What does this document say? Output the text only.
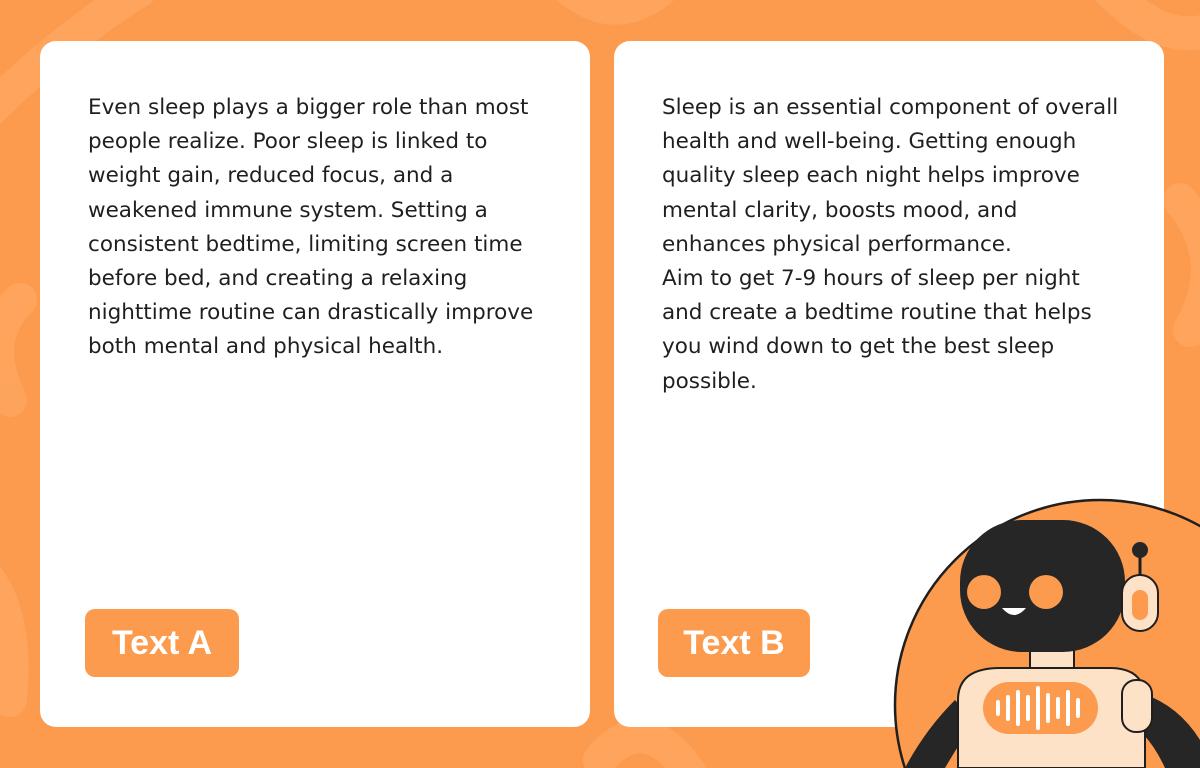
Even sleep plays a bigger role than most people realize. Poor sleep is linked to weight gain, reduced focus, and a weakened immune system. Setting a consistent bedtime, limiting screen time before bed, and creating a relaxing nighttime routine can drastically improve both mental and physical health.

Text A

Sleep is an essential component of overall health and well-being. Getting enough quality sleep each night helps improve mental clarity, boosts mood, and enhances physical performance.
Aim to get 7-9 hours of sleep per night and create a bedtime routine that helps you wind down to get the best sleep possible.

Text B
